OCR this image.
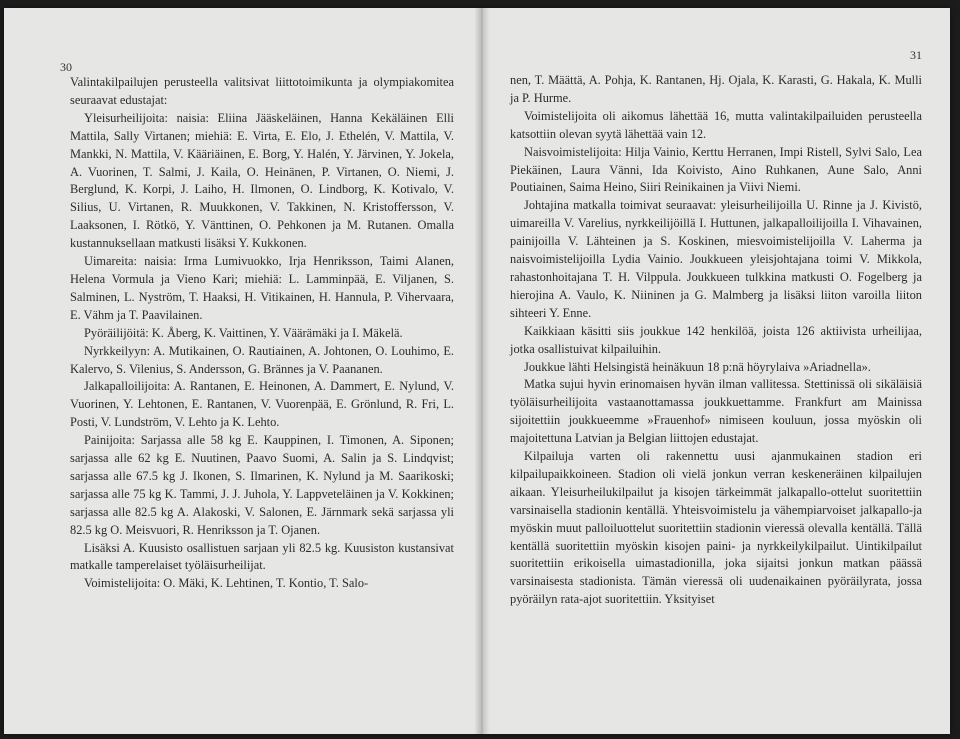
30

Valintakilpailujen perusteella valitsivat liittotoimikunta ja olympiakomitea seuraavat edustajat:

Yleisurheilijoita: naisia: Eliina Jääskeläinen, Hanna Kekäläinen Elli Mattila, Sally Virtanen; miehiä: E. Virta, E. Elo, J. Ethelén, V. Mattila, V. Mankki, N. Mattila, V. Kääriäinen, E. Borg, Y. Halén, Y. Järvinen, Y. Jokela, A. Vuorinen, T. Salmi, J. Kaila, O. Heinänen, P. Virtanen, O. Niemi, J. Berglund, K. Korpi, J. Laiho, H. Ilmonen, O. Lindborg, K. Kotivalo, V. Silius, U. Virtanen, R. Muukkonen, V. Takkinen, N. Kristoffersson, V. Laaksonen, I. Rötkö, Y. Vänttinen, O. Pehkonen ja M. Rutanen. Omalla kustannuksellaan matkusti lisäksi Y. Kukkonen.

Uimareita: naisia: Irma Lumivuokko, Irja Henriksson, Taimi Alanen, Helena Vormula ja Vieno Kari; miehiä: L. Lamminpää, E. Viljanen, S. Salminen, L. Nyström, T. Haaksi, H. Vitikainen, H. Hannula, P. Vihervaara, E. Vähm ja T. Paavilainen.

Pyöräilijöitä: K. Åberg, K. Vaittinen, Y. Väärämäki ja I. Mäkelä.

Nyrkkeilyyn: A. Mutikainen, O. Rautiainen, A. Johtonen, O. Louhimo, E. Kalervo, S. Vilenius, S. Andersson, G. Brännes ja V. Paananen.

Jalkapalloilijoita: A. Rantanen, E. Heinonen, A. Dammert, E. Nylund, V. Vuorinen, Y. Lehtonen, E. Rantanen, V. Vuorenpää, E. Grönlund, R. Fri, L. Posti, V. Lundström, V. Lehto ja K. Lehto.

Painijoita: Sarjassa alle 58 kg E. Kauppinen, I. Timonen, A. Siponen; sarjassa alle 62 kg E. Nuutinen, Paavo Suomi, A. Salin ja S. Lindqvist; sarjassa alle 67.5 kg J. Ikonen, S. Ilmarinen, K. Nylund ja M. Saarikoski; sarjassa alle 75 kg K. Tammi, J. J. Juhola, Y. Lappveteläinen ja V. Kokkinen; sarjassa alle 82.5 kg A. Alakoski, V. Salonen, E. Järnmark sekä sarjassa yli 82.5 kg O. Meisvuori, R. Henriksson ja T. Ojanen.

Lisäksi A. Kuusisto osallistuen sarjaan yli 82.5 kg. Kuusiston kustansivat matkalle tamperelaiset työläisurheilijat.

Voimistelijoita: O. Mäki, K. Lehtinen, T. Kontio, T. Salo-

31

nen, T. Määttä, A. Pohja, K. Rantanen, Hj. Ojala, K. Karasti, G. Hakala, K. Mulli ja P. Hurme.

Voimistelijoita oli aikomus lähettää 16, mutta valintakilpailuiden perusteella katsottiin olevan syytä lähettää vain 12.

Naisvoimistelijoita: Hilja Vainio, Kerttu Herranen, Impi Ristell, Sylvi Salo, Lea Piekäinen, Laura Vänni, Ida Koivisto, Aino Ruhkanen, Aune Salo, Anni Poutiainen, Saima Heino, Siiri Reinikainen ja Viivi Niemi.

Johtajina matkalla toimivat seuraavat: yleisurheilijoilla U. Rinne ja J. Kivistö, uimareilla V. Varelius, nyrkkeilijöillä I. Huttunen, jalkapalloilijoilla I. Vihavainen, painijoilla V. Lähteinen ja S. Koskinen, miesvoimistelijoilla V. Laherma ja naisvoimistelijoilla Lydia Vainio. Joukkueen yleisjohtajana toimi V. Mikkola, rahastonhoitajana T. H. Vilppula. Joukkueen tulkkina matkusti O. Fogelberg ja hierojina A. Vaulo, K. Niininen ja G. Malmberg ja lisäksi liiton varoilla liiton sihteeri Y. Enne.

Kaikkiaan käsitti siis joukkue 142 henkilöä, joista 126 aktiivista urheilijaa, jotka osallistuivat kilpailuihin.

Joukkue lähti Helsingistä heinäkuun 18 p:nä höyrylaiva »Ariadnella».

Matka sujui hyvin erinomaisen hyvän ilman vallitessa. Stettinissä oli sikäläisiä työläisurheilijoita vastaanottamassa joukkuettamme. Frankfurt am Mainissa sijoitettiin joukkueemme »Frauenhof» nimiseen kouluun, jossa myöskin oli majoitettuna Latvian ja Belgian liittojen edustajat.

Kilpailuja varten oli rakennettu uusi ajanmukainen stadion eri kilpailupaikkoineen. Stadion oli vielä jonkun verran keskeneräinen kilpailujen aikaan. Yleisurheilukilpailut ja kisojen tärkeimmät jalkapallo-ottelut suoritettiin varsinaisella stadionin kentällä. Yhteisvoimistelu ja vähempiarvoiset jalkapallo-ja myöskin muut palloiluottelut suoritettiin stadionin vieressä olevalla kentällä. Tällä kentällä suoritettiin myöskin kisojen paini- ja nyrkkeilykilpailut. Uintikilpailut suoritettiin erikoisella uimastadionilla, joka sijaitsi jonkun matkan päässä varsinaisesta stadionista. Tämän vieressä oli uudenaikainen pyöräilyrata, jossa pyöräilyn rata-ajot suoritettiin. Yksityiset
